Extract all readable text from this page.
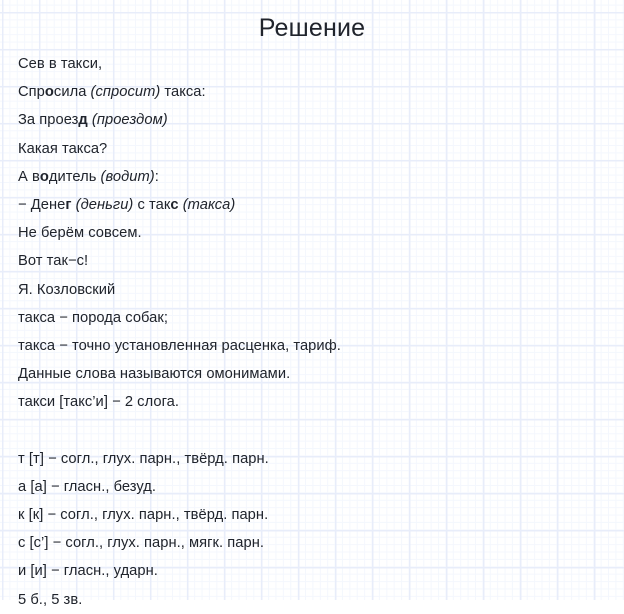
Решение
Сев в такси,
Спросила (спросит) такса:
За проезд (проездом)
Какая такса?
А водитель (водит):
− Денег (деньги) с такс (такса)
Не берём совсем.
Вот так−с!
Я. Козловский
такса − порода собак;
такса − точно установленная расценка, тариф.
Данные слова называются омонимами.
такси [такс’и] − 2 слога.
т [т] − согл., глух. парн., твёрд. парн.
а [а] − гласн., безуд.
к [к] − согл., глух. парн., твёрд. парн.
с [с’] − согл., глух. парн., мягк. парн.
и [и] − гласн., ударн.
5 б., 5 зв.
